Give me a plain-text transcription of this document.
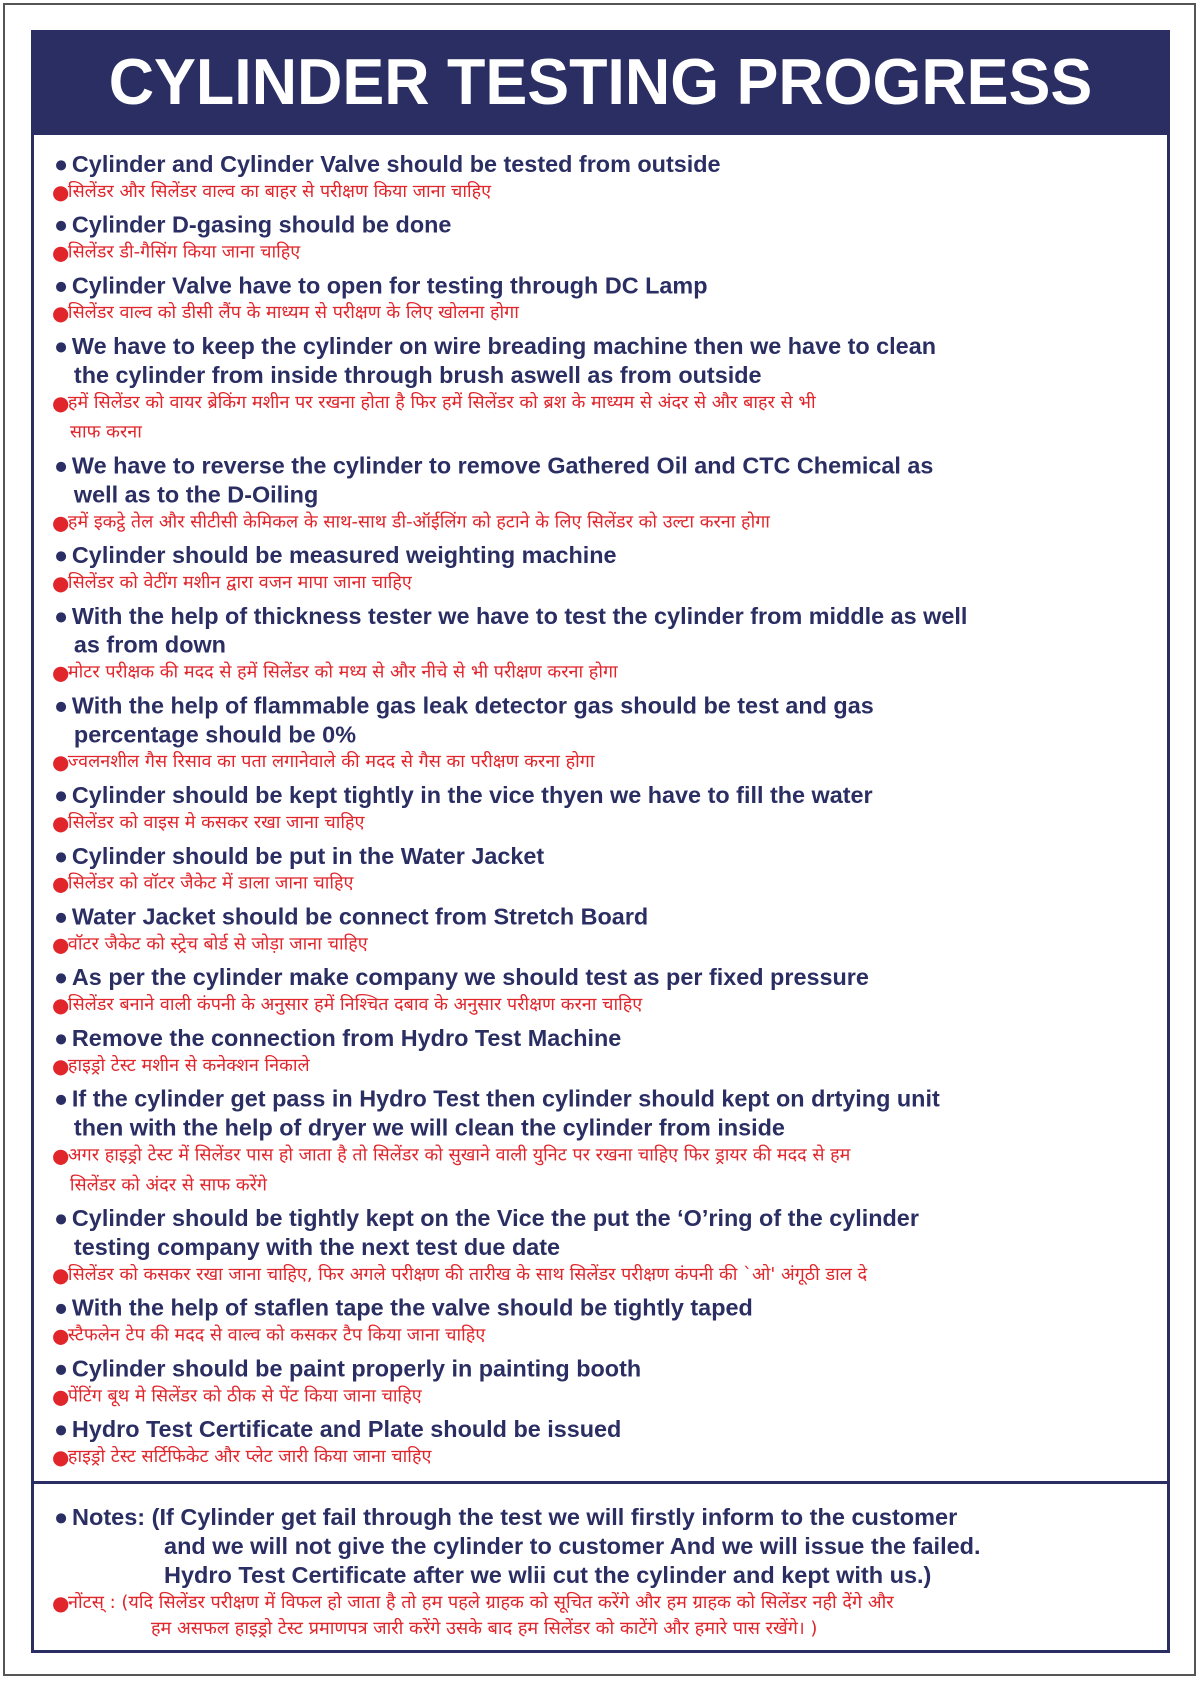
CYLINDER TESTING PROGRESS
● Cylinder and Cylinder Valve should be tested from outside
●
सिलेंडर और सिलेंडर वाल्व का बाहर से परीक्षण किया जाना चाहिए
● Cylinder D-gasing should be done
●
सिलेंडर डी-गैसिंग किया जाना चाहिए
● Cylinder Valve have to open for testing through DC Lamp
●
सिलेंडर वाल्व को डीसी लैंप के माध्यम से परीक्षण के लिए खोलना होगा
● We have to keep the cylinder on wire breading machine then we have to clean
the cylinder from inside through brush aswell as from outside
●
हमें सिलेंडर को वायर ब्रेकिंग मशीन पर रखना होता है फिर हमें सिलेंडर को ब्रश के माध्यम से अंदर से और बाहर से भी
साफ करना
● We have to reverse the cylinder to remove Gathered Oil and CTC Chemical as
well as to the D-Oiling
●
हमें इकट्ठे तेल और सीटीसी केमिकल के साथ-साथ डी-ऑईलिंग को हटाने के लिए सिलेंडर को उल्टा करना होगा
● Cylinder should be measured weighting machine
●
सिलेंडर को वेटींग मशीन द्वारा वजन मापा जाना चाहिए
● With the help of thickness tester we have to test the cylinder from middle as well
as from down
●
मोटर परीक्षक की मदद से हमें सिलेंडर को मध्य से और नीचे से भी परीक्षण करना होगा
● With the help of flammable gas leak detector gas should be test and gas
percentage should be 0%
●
ज्वलनशील गैस रिसाव का पता लगानेवाले की मदद से गैस का परीक्षण करना होगा
● Cylinder should be kept tightly in the vice thyen we have to fill the water
●
सिलेंडर को वाइस मे कसकर रखा जाना चाहिए
● Cylinder should be put in the Water Jacket
●
सिलेंडर को वॉटर जैकेट में डाला जाना चाहिए
● Water Jacket should be connect from Stretch Board
●
वॉटर जैकेट को स्ट्रेच बोर्ड से जोड़ा जाना चाहिए
● As per the cylinder make company we should test as per fixed pressure
●
सिलेंडर बनाने वाली कंपनी के अनुसार हमें निश्चित दबाव के अनुसार परीक्षण करना चाहिए
● Remove the connection from Hydro Test Machine
●
हाइड्रो टेस्ट मशीन से कनेक्शन निकाले
● If the cylinder get pass in Hydro Test then cylinder should kept on drtying unit
then with the help of dryer we will clean the cylinder from inside
●
अगर हाइड्रो टेस्ट में सिलेंडर पास हो जाता है तो सिलेंडर को सुखाने वाली युनिट पर रखना चाहिए फिर ड्रायर की मदद से हम
सिलेंडर को अंदर से साफ करेंगे
● Cylinder should be tightly kept on the Vice the put the ‘O’ring of the cylinder
testing company with the next test due date
●
सिलेंडर को कसकर रखा जाना चाहिए, फिर अगले परीक्षण की तारीख के साथ सिलेंडर परीक्षण कंपनी की `ओ' अंगूठी डाल दे
● With the help of staflen tape the valve should be tightly taped
●
स्टैफलेन टेप की मदद से वाल्व को कसकर टैप किया जाना चाहिए
● Cylinder should be paint properly in painting booth
●
पेंटिंग बूथ मे सिलेंडर को ठीक से पेंट किया जाना चाहिए
● Hydro Test Certificate and Plate should be issued
●
हाइड्रो टेस्ट सर्टिफिकेट और प्लेट जारी किया जाना चाहिए
● Notes: (If Cylinder get fail through the test we will firstly inform to the customer
and we will not give the cylinder to customer And we will issue the failed.
Hydro Test Certificate after we wlii cut the cylinder and kept with us.)
●
नोंटस् : (यदि सिलेंडर परीक्षण में विफल हो जाता है तो हम पहले ग्राहक को सूचित करेंगे और हम ग्राहक को सिलेंडर नही देंगे और
हम असफल हाइड्रो टेस्ट प्रमाणपत्र जारी करेंगे उसके बाद हम सिलेंडर को काटेंगे और हमारे पास रखेंगे। )
